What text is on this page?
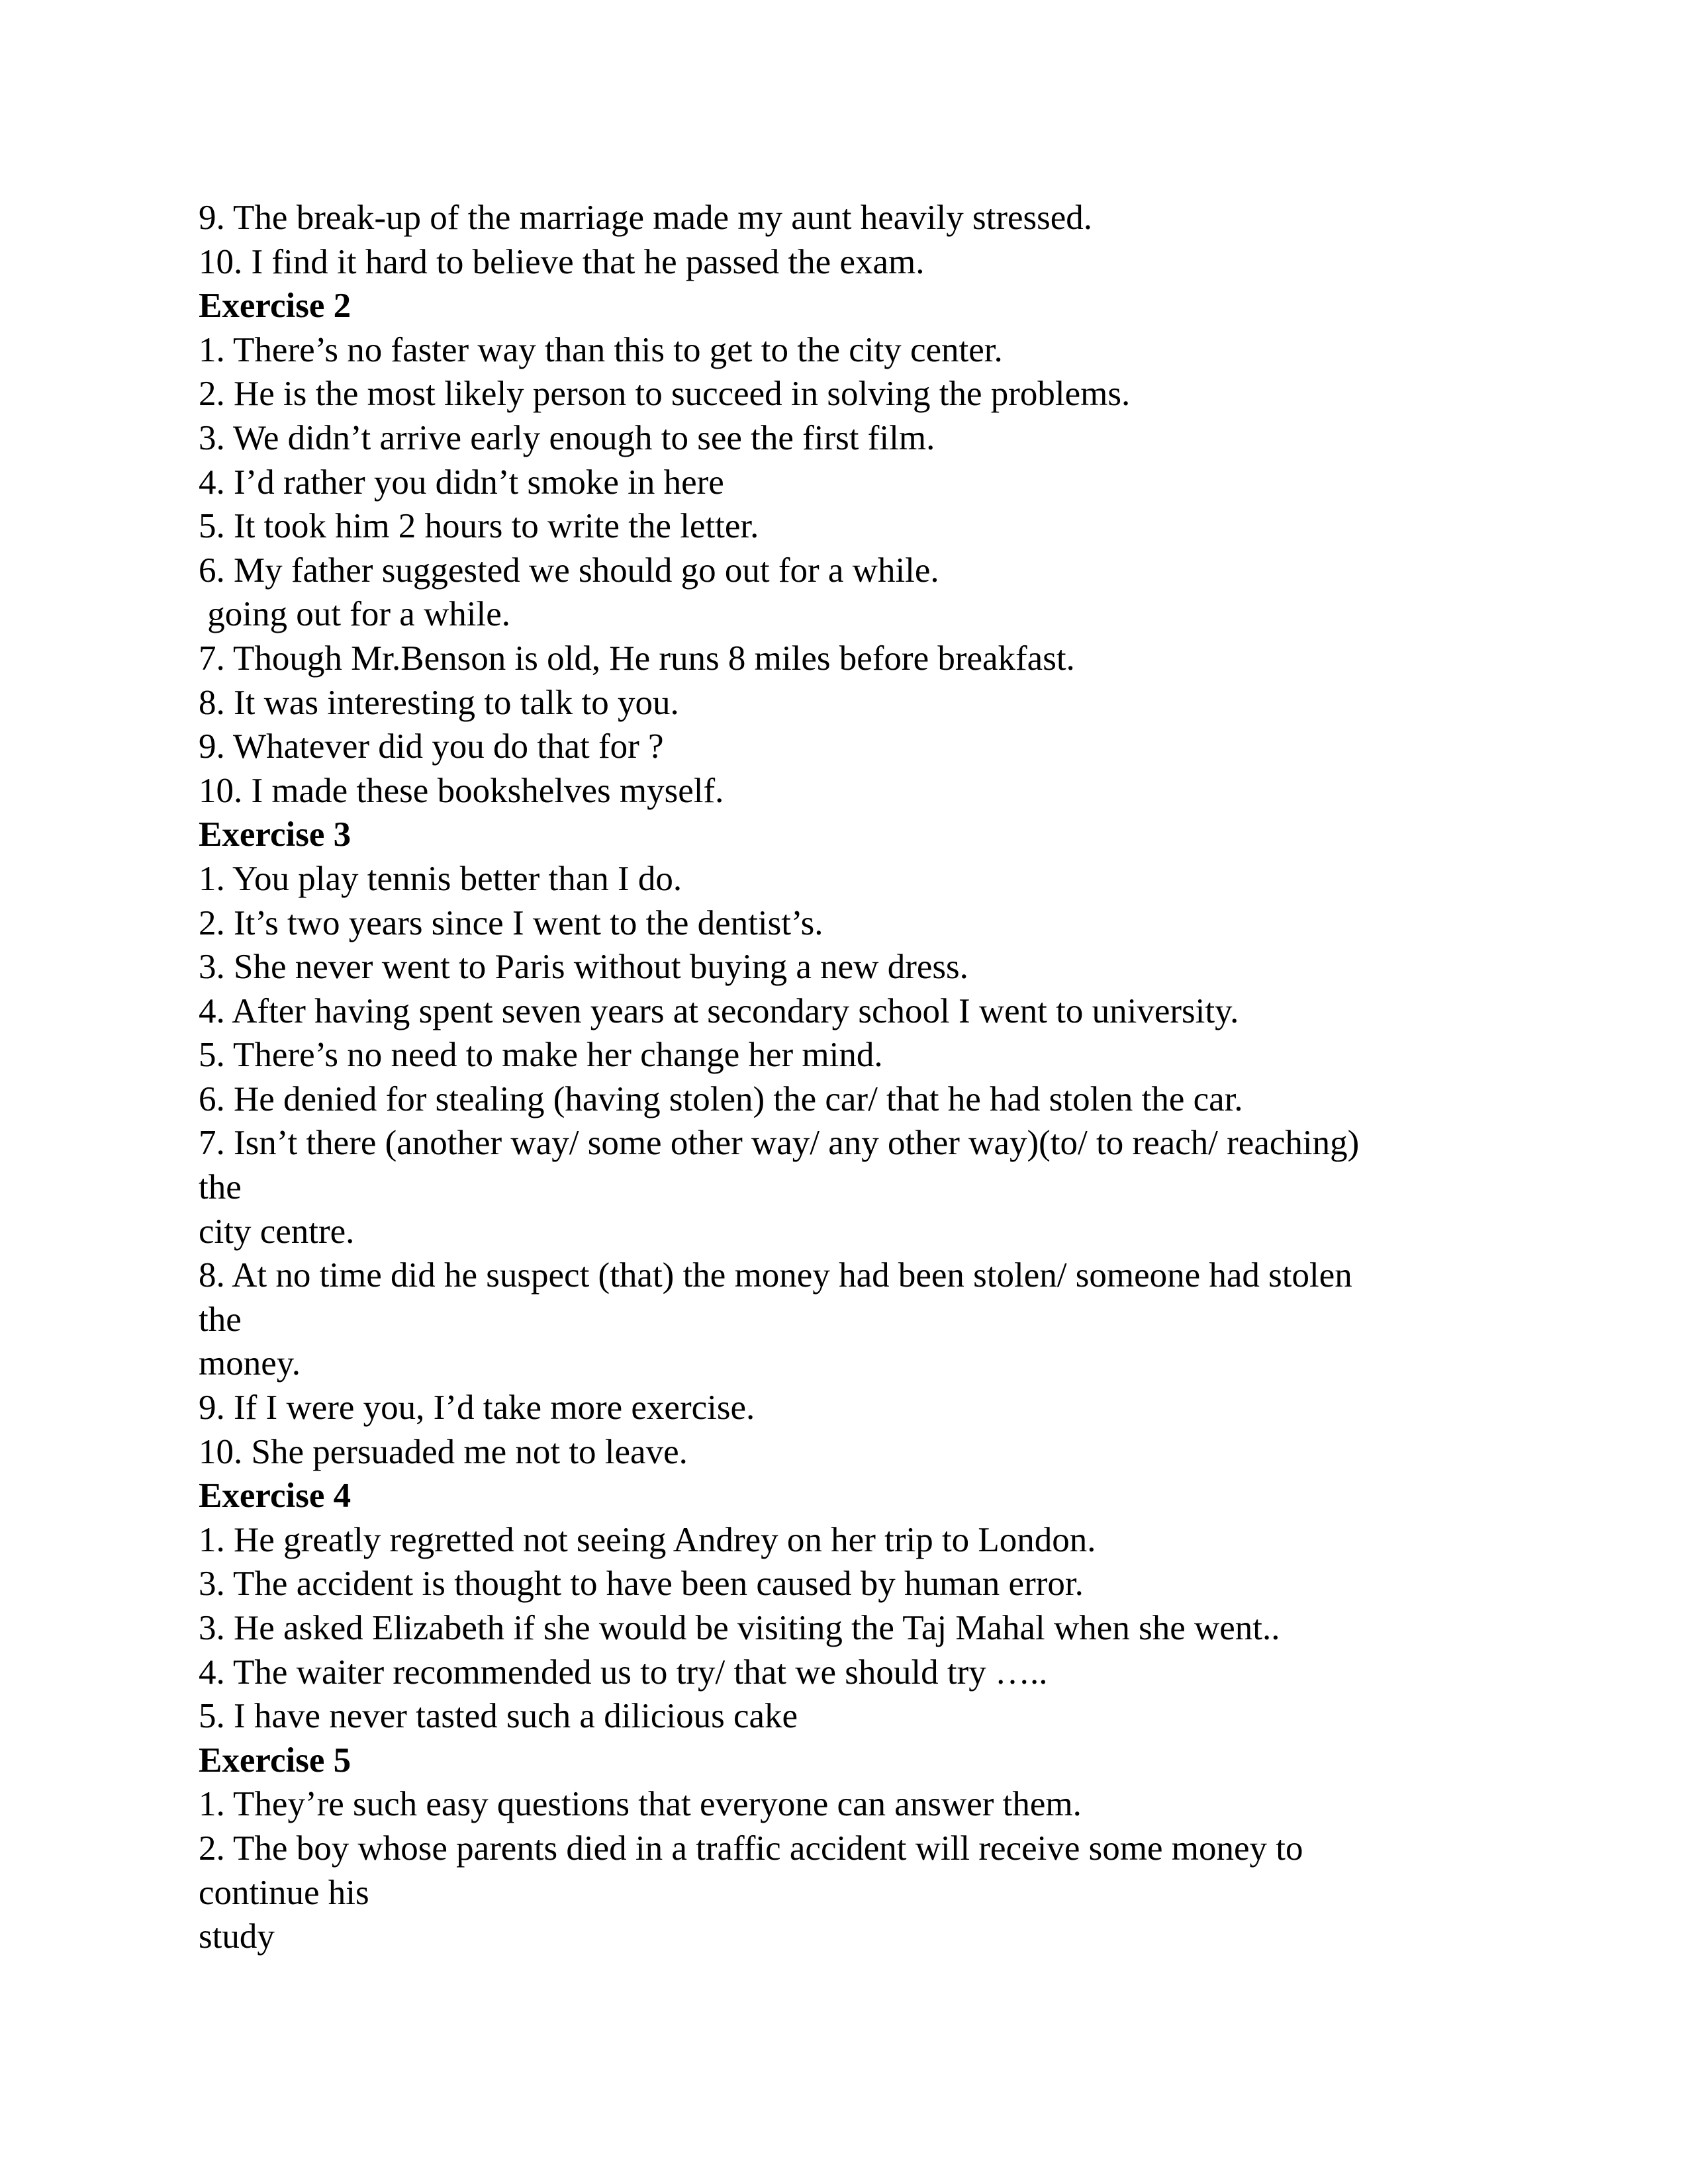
9. The break-up of the marriage made my aunt heavily stressed.
10. I find it hard to believe that he passed the exam.
Exercise 2
1. There’s no faster way than this to get to the city center.
2. He is the most likely person to succeed in solving the problems.
3. We didn’t arrive early enough to see the first film.
4. I’d rather you didn’t smoke in here
5. It took him 2 hours to write the letter.
6. My father suggested we should go out for a while.
going out for a while.
7. Though Mr.Benson is old, He runs 8 miles before breakfast.
8. It was interesting to talk to you.
9. Whatever did you do that for ?
10. I made these bookshelves myself.
Exercise 3
1. You play tennis better than I do.
2. It’s two years since I went to the dentist’s.
3. She never went to Paris without buying a new dress.
4. After having spent seven years at secondary school I went to university.
5. There’s no need to make her change her mind.
6. He denied for stealing (having stolen) the car/ that he had stolen the car.
7. Isn’t there (another way/ some other way/ any other way)(to/ to reach/ reaching)
the
city centre.
8. At no time did he suspect (that) the money had been stolen/ someone had stolen
the
money.
9. If I were you, I’d take more exercise.
10. She persuaded me not to leave.
Exercise 4
1. He greatly regretted not seeing Andrey on her trip to London.
3. The accident is thought to have been caused by human error.
3. He asked Elizabeth if she would be visiting the Taj Mahal when she went..
4. The waiter recommended us to try/ that we should try …..
5. I have never tasted such a dilicious cake
Exercise 5
1. They’re such easy questions that everyone can answer them.
2. The boy whose parents died in a traffic accident will receive some money to
continue his
study
